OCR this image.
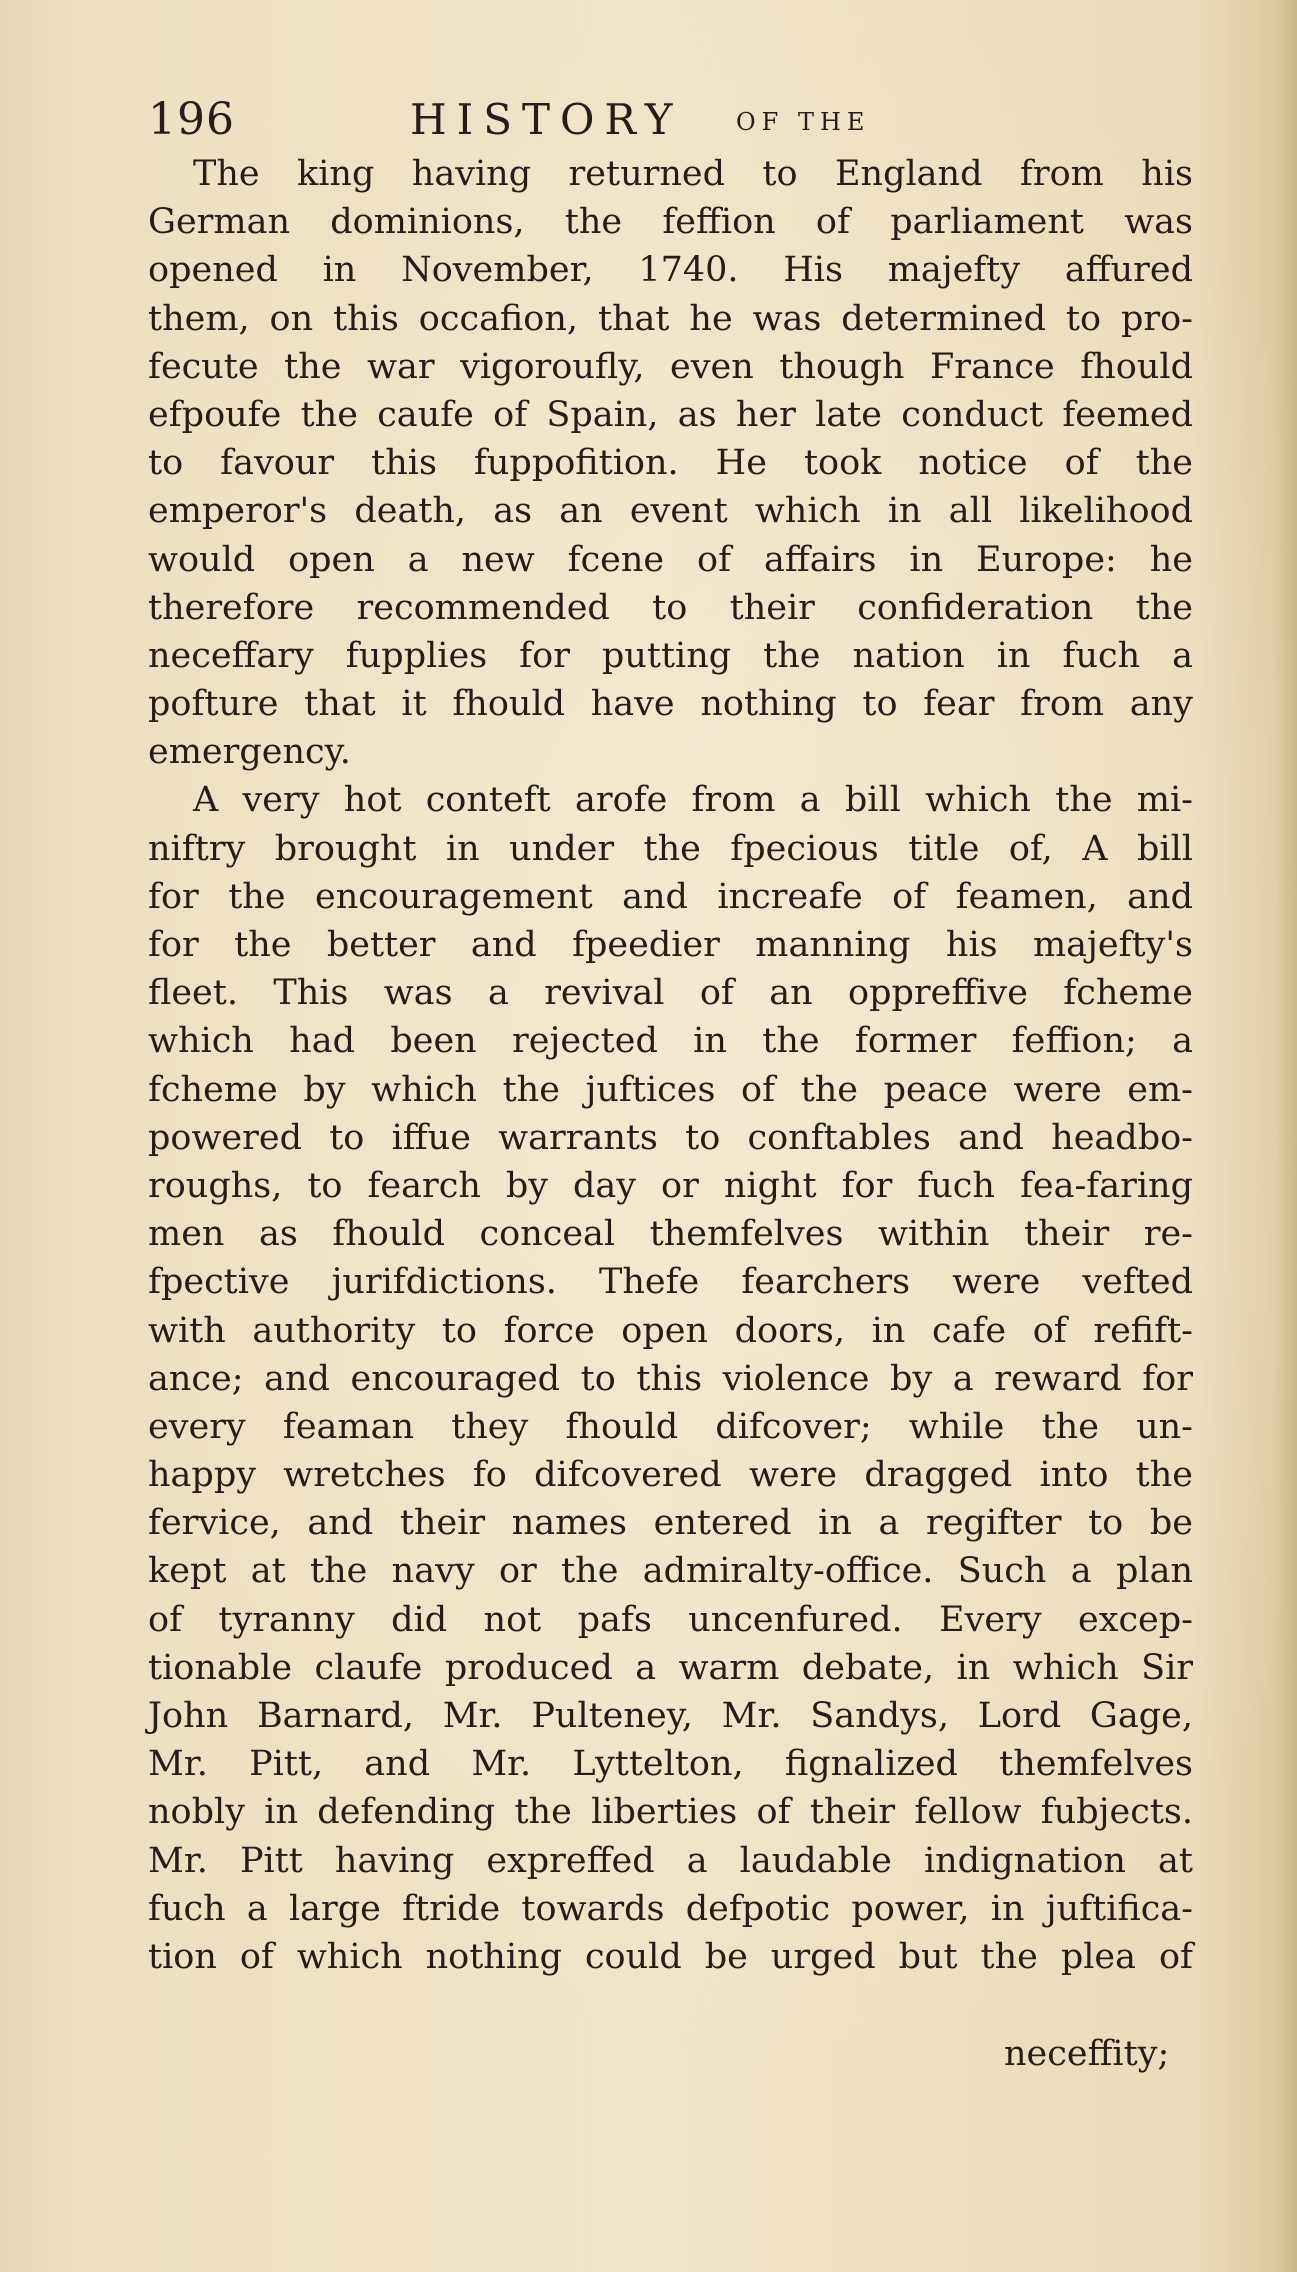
196	HISTORY OF THE
The king having returned to England from his
German dominions, the feffion of parliament was
opened in November, 1740. His majefty affured
them, on this occafion, that he was determined to pro-
fecute the war vigoroufly, even though France fhould
efpoufe the caufe of Spain, as her late conduct feemed
to favour this fuppofition. He took notice of the
emperor's death, as an event which in all likelihood
would open a new fcene of affairs in Europe: he
therefore recommended to their confideration the
neceffary fupplies for putting the nation in fuch a
pofture that it fhould have nothing to fear from any
emergency.
A very hot conteft arofe from a bill which the mi-
niftry brought in under the fpecious title of, A bill
for the encouragement and increafe of feamen, and
for the better and fpeedier manning his majefty's
fleet. This was a revival of an oppreffive fcheme
which had been rejected in the former feffion; a
fcheme by which the juftices of the peace were em-
powered to iffue warrants to conftables and headbo-
roughs, to fearch by day or night for fuch fea-faring
men as fhould conceal themfelves within their re-
fpective jurifdictions. Thefe fearchers were vefted
with authority to force open doors, in cafe of refift-
ance; and encouraged to this violence by a reward for
every feaman they fhould difcover; while the un-
happy wretches fo difcovered were dragged into the
fervice, and their names entered in a regifter to be
kept at the navy or the admiralty-office. Such a plan
of tyranny did not pafs uncenfured. Every excep-
tionable claufe produced a warm debate, in which Sir
John Barnard, Mr. Pulteney, Mr. Sandys, Lord Gage,
Mr. Pitt, and Mr. Lyttelton, fignalized themfelves
nobly in defending the liberties of their fellow fubjects.
Mr. Pitt having expreffed a laudable indignation at
fuch a large ftride towards defpotic power, in juftifica-
tion of which nothing could be urged but the plea of
neceffity;
